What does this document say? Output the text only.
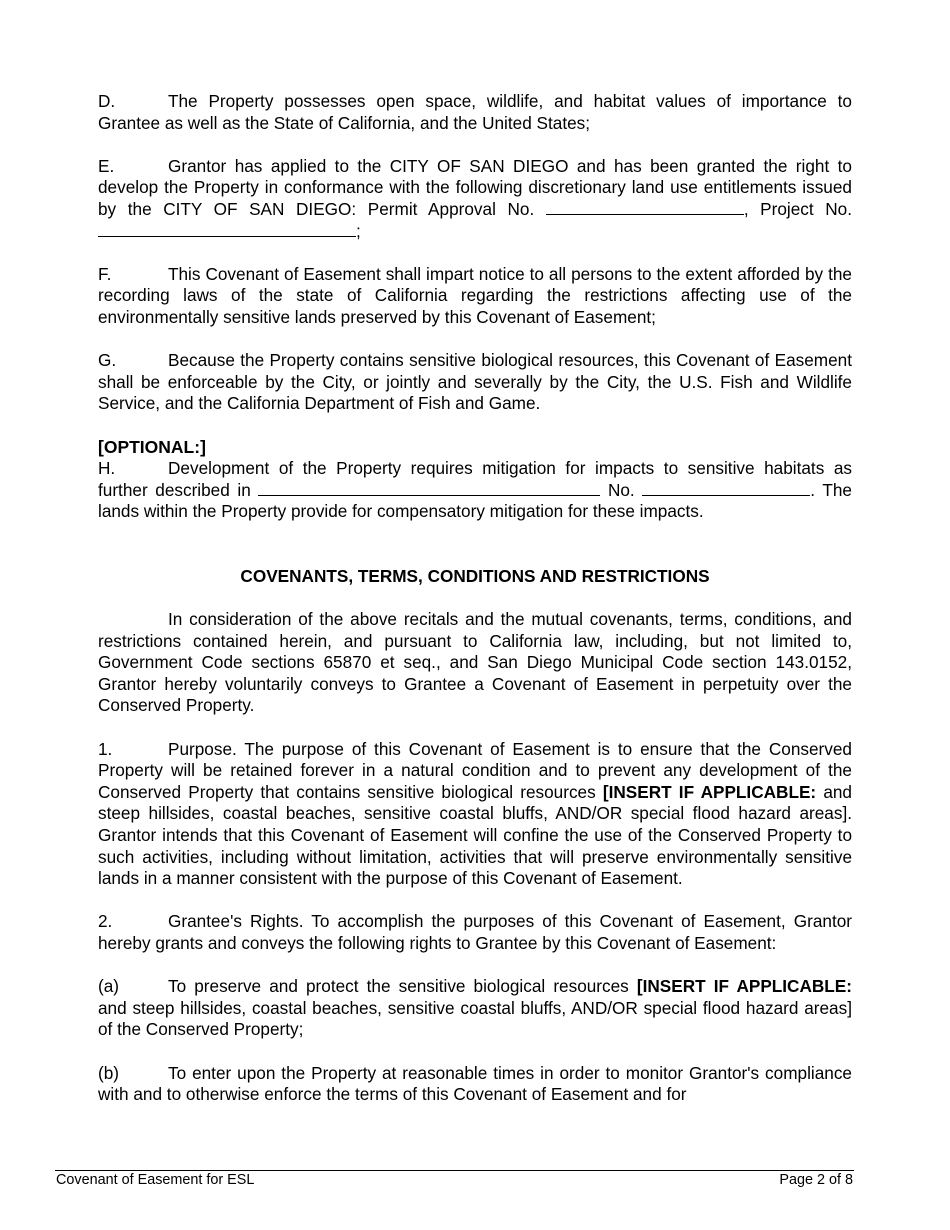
D.	The Property possesses open space, wildlife, and habitat values of importance to Grantee as well as the State of California, and the United States;

E.	Grantor has applied to the CITY OF SAN DIEGO and has been granted the right to develop the Property in conformance with the following discretionary land use entitlements issued by the CITY OF SAN DIEGO: Permit Approval No.	, Project No. ;

F.	This Covenant of Easement shall impart notice to all persons to the extent afforded by the recording laws of the state of California regarding the restrictions affecting use of the environmentally sensitive lands preserved by this Covenant of Easement;

G.	Because the Property contains sensitive biological resources, this Covenant of Easement shall be enforceable by the City, or jointly and severally by the City, the U.S. Fish and Wildlife Service, and the California Department of Fish and Game.

[OPTIONAL:]

H.	Development of the Property requires mitigation for impacts to sensitive habitats as further described in	No.	. The lands within the Property provide for compensatory mitigation for these impacts.

COVENANTS, TERMS, CONDITIONS AND RESTRICTIONS

In consideration of the above recitals and the mutual covenants, terms, conditions, and restrictions contained herein, and pursuant to California law, including, but not limited to, Government Code sections 65870 et seq., and San Diego Municipal Code section 143.0152, Grantor hereby voluntarily conveys to Grantee a Covenant of Easement in perpetuity over the Conserved Property.

1.	Purpose. The purpose of this Covenant of Easement is to ensure that the Conserved Property will be retained forever in a natural condition and to prevent any development of the Conserved Property that contains sensitive biological resources [INSERT IF APPLICABLE: and steep hillsides, coastal beaches, sensitive coastal bluffs, AND/OR special flood hazard areas]. Grantor intends that this Covenant of Easement will confine the use of the Conserved Property to such activities, including without limitation, activities that will preserve environmentally sensitive lands in a manner consistent with the purpose of this Covenant of Easement.

2.	Grantee's Rights. To accomplish the purposes of this Covenant of Easement, Grantor hereby grants and conveys the following rights to Grantee by this Covenant of Easement:

(a)	To preserve and protect the sensitive biological resources [INSERT IF APPLICABLE: and steep hillsides, coastal beaches, sensitive coastal bluffs, AND/OR special flood hazard areas] of the Conserved Property;

(b)	To enter upon the Property at reasonable times in order to monitor Grantor's compliance with and to otherwise enforce the terms of this Covenant of Easement and for

Covenant of Easement for ESL	Page 2 of 8
